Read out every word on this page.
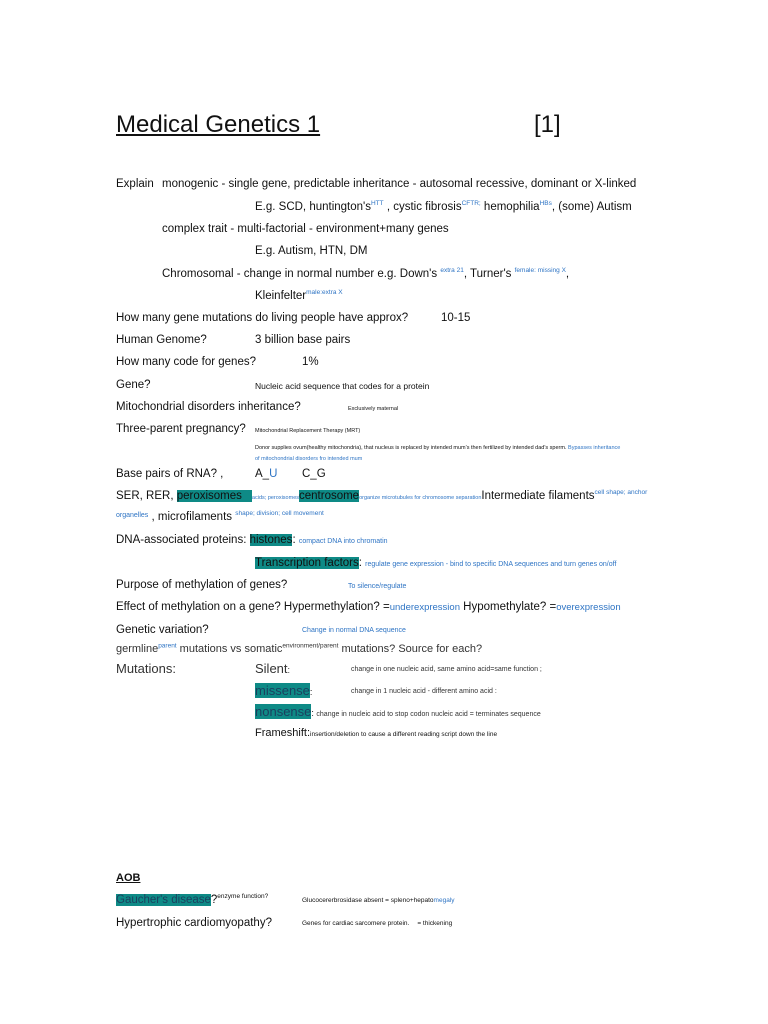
Medical Genetics 1	[1]
Explain monogenic - single gene, predictable inheritance - autosomal recessive, dominant or X-linked
E.g. SCD, $huntington's^{HTT}$ , cystic fibrosis$^{CFTR;}$ hemophilia$^{HBs}$, (some) Autism
complex trait - multi-factorial - environment+many genes
E.g. Autism, HTN, DM
Chromosomal - change in normal number e.g. Down's $^{extra 21}$, Turner's $^{female: missing X}$,
Kleinfelter$^{male:extra X}$
How many gene mutations do living people have approx?	10-15
Human Genome?	3 billion base pairs
How many code for genes?	1%
Gene?	Nucleic acid sequence that codes for a protein
Mitochondrial disorders inheritance?	Exclusively maternal
Three-parent pregnancy? Mitochondrial Replacement Therapy (MRT)
Donor supplies ovum(healthy mitochondria), that nucleus is replaced by intended mum's then fertilized by intended dad's sperm. Bypasses inheritance
of mitochondrial disorders fro intended mum
Base pairs of RNA? ,	A_U C_G
SER, RER, peroxisomes acids; peroxisomescentrosomeorganize microtubules for chromosome separationIntermediate filaments$^{cell shape; anchor}$
$^{organelles}$ , microfilaments $^{shape; division; cell movement}$
DNA-associated proteins: histones: compact DNA into chromatin
Transcription factors: regulate gene expression - bind to specific DNA sequences and turn genes on/off
Purpose of methylation of genes?	To silence/regulate
Effect of methylation on a gene? Hypermethylation? =underexpression Hypomethylate? =overexpression
Genetic variation?	Change in normal DNA sequence
germline$^{parent}$ mutations vs somatic$^{environment/parent}$ mutations? Source for each?
Mutations:	Silent:	change in one nucleic acid, same amino acid=same function ;
missense:	change in 1 nucleic acid - different amino acid :
nonsense: change in nucleic acid to stop codon nucleic acid = terminates sequence
Frameshift:insertion/deletion to cause a different reading script down the line
AOB
Gaucher's disease?$^{enzyme function?}$
Glucocererbrosidase absent = spleno+hepatomegaly
Hypertrophic cardiomyopathy?	Genes for cardiac sarcomere protein. = thickening
